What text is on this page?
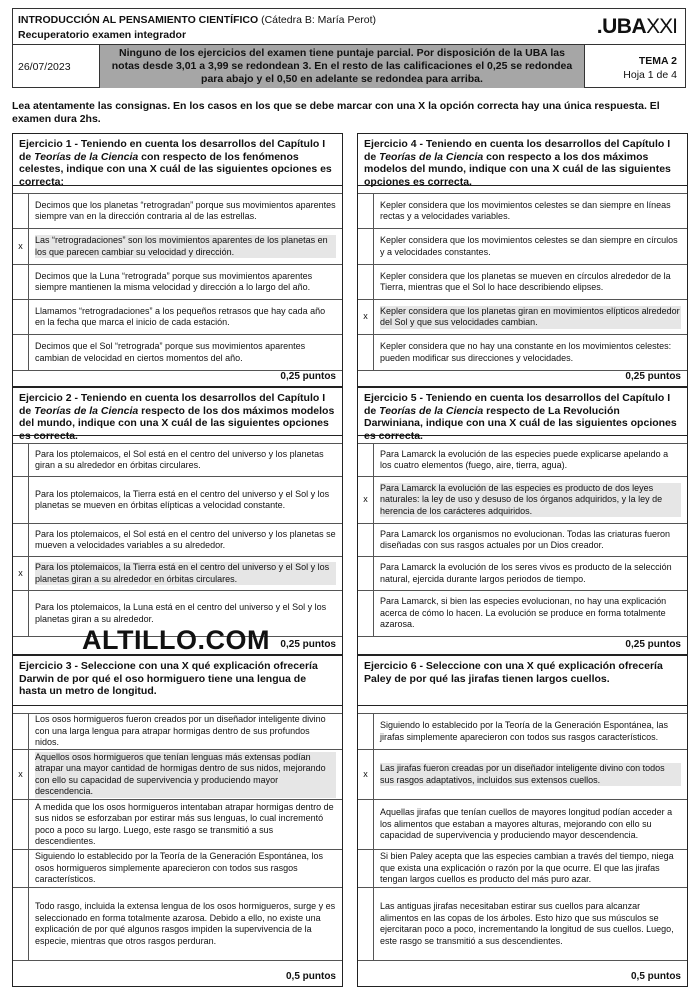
INTRODUCCIÓN AL PENSAMIENTO CIENTÍFICO (Cátedra B: María Perot)
Recuperatorio examen integrador	.UBAXXI
26/07/2023
Ninguno de los ejercicios del examen tiene puntaje parcial. Por disposición de la UBA las notas desde 3,01 a 3,99 se redondean 3. En el resto de las calificaciones el 0,25 se redondea para abajo y el 0,50 en adelante se redondea para arriba.
TEMA 2
Hoja 1 de 4
Lea atentamente las consignas. En los casos en los que se debe marcar con una X la opción correcta hay una única respuesta. El examen dura 2hs.
Ejercicio 1 - Teniendo en cuenta los desarrollos del Capítulo I de Teorías de la Ciencia con respecto de los fenómenos celestes, indique con una X cuál de las siguientes opciones es correcta:
Decimos que los planetas “retrogradan” porque sus movimientos aparentes siempre van en la dirección contraria al de las estrellas.
x
Las “retrogradaciones” son los movimientos aparentes de los planetas en los que parecen cambiar su velocidad y dirección.
Decimos que la Luna “retrograda” porque sus movimientos aparentes siempre mantienen la misma velocidad y dirección a lo largo del año.
Llamamos “retrogradaciones” a los pequeños retrasos que hay cada año en la fecha que marca el inicio de cada estación.
Decimos que el Sol “retrograda” porque sus movimientos aparentes cambian de velocidad en ciertos momentos del año.
0,25 puntos
Ejercicio 2 - Teniendo en cuenta los desarrollos del Capítulo I de Teorías de la Ciencia respecto de los dos máximos modelos del mundo, indique con una X cuál de las siguientes opciones es correcta.
Para los ptolemaicos, el Sol está en el centro del universo y los planetas giran a su alrededor en órbitas circulares.
Para los ptolemaicos, la Tierra está en el centro del universo y el Sol y los planetas se mueven en órbitas elípticas a velocidad constante.
Para los ptolemaicos, el Sol está en el centro del universo y los planetas se mueven a velocidades variables a su alrededor.
x
Para los ptolemaicos, la Tierra está en el centro del universo y el Sol y los planetas giran a su alrededor en órbitas circulares.
Para los ptolemaicos, la Luna está en el centro del universo y el Sol y los planetas giran a su alrededor.
0,25 puntos
Ejercicio 3 - Seleccione con una X qué explicación ofrecería Darwin de por qué el oso hormiguero tiene una lengua de hasta un metro de longitud.
Los osos hormigueros fueron creados por un diseñador inteligente divino con una larga lengua para atrapar hormigas dentro de sus profundos nidos.
x
Aquellos osos hormigueros que tenían lenguas más extensas podían atrapar una mayor cantidad de hormigas dentro de sus nidos, mejorando con ello su capacidad de supervivencia y produciendo mayor descendencia.
A medida que los osos hormigueros intentaban atrapar hormigas dentro de sus nidos se esforzaban por estirar más sus lenguas, lo cual incrementó poco a poco su largo. Luego, este rasgo se transmitió a sus descendientes.
Siguiendo lo establecido por la Teoría de la Generación Espontánea, los osos hormigueros simplemente aparecieron con todos sus rasgos característicos.
Todo rasgo, incluida la extensa lengua de los osos hormigueros, surge y es seleccionado en forma totalmente azarosa. Debido a ello, no existe una explicación de por qué algunos rasgos impiden la supervivencia de la especie, mientras que otros rasgos perduran.
0,5 puntos
Ejercicio 4 - Teniendo en cuenta los desarrollos del Capítulo I de Teorías de la Ciencia con respecto a los dos máximos modelos del mundo, indique con una X cuál de las siguientes opciones es correcta.
Kepler considera que los movimientos celestes se dan siempre en líneas rectas y a velocidades variables.
Kepler considera que los movimientos celestes se dan siempre en círculos y a velocidades constantes.
Kepler considera que los planetas se mueven en círculos alrededor de la Tierra, mientras que el Sol lo hace describiendo elipses.
x
Kepler considera que los planetas giran en movimientos elípticos alrededor del Sol y que sus velocidades cambian.
Kepler considera que no hay una constante en los movimientos celestes: pueden modificar sus direcciones y velocidades.
0,25 puntos
Ejercicio 5 - Teniendo en cuenta los desarrollos del Capítulo I de Teorías de la Ciencia respecto de La Revolución Darwiniana, indique con una X cuál de las siguientes opciones es correcta.
Para Lamarck la evolución de las especies puede explicarse apelando a los cuatro elementos (fuego, aire, tierra, agua).
x
Para Lamarck la evolución de las especies es producto de dos leyes naturales: la ley de uso y desuso de los órganos adquiridos, y la ley de herencia de los carácteres adquiridos.
Para Lamarck los organismos no evolucionan. Todas las criaturas fueron diseñadas con sus rasgos actuales por un Dios creador.
Para Lamarck la evolución de los seres vivos es producto de la selección natural, ejercida durante largos periodos de tiempo.
Para Lamarck, si bien las especies evolucionan, no hay una explicación acerca de cómo lo hacen. La evolución se produce en forma totalmente azarosa.
0,25 puntos
Ejercicio 6 - Seleccione con una X qué explicación ofrecería Paley de por qué las jirafas tienen largos cuellos.
Siguiendo lo establecido por la Teoría de la Generación Espontánea, las jirafas simplemente aparecieron con todos sus rasgos característicos.
x
Las jirafas fueron creadas por un diseñador inteligente divino con todos sus rasgos adaptativos, incluidos sus extensos cuellos.
Aquellas jirafas que tenían cuellos de mayores longitud podían acceder a los alimentos que estaban a mayores alturas, mejorando con ello su capacidad de supervivencia y produciendo mayor descendencia.
Si bien Paley acepta que las especies cambian a través del tiempo, niega que exista una explicación o razón por la que ocurre. El que las jirafas tengan largos cuellos es producto del más puro azar.
Las antiguas jirafas necesitaban estirar sus cuellos para alcanzar alimentos en las copas de los árboles. Esto hizo que sus músculos se ejercitaran poco a poco, incrementando la longitud de sus cuellos. Luego, este rasgo se transmitió a sus descendientes.
0,5 puntos
ALTILLO.COM
